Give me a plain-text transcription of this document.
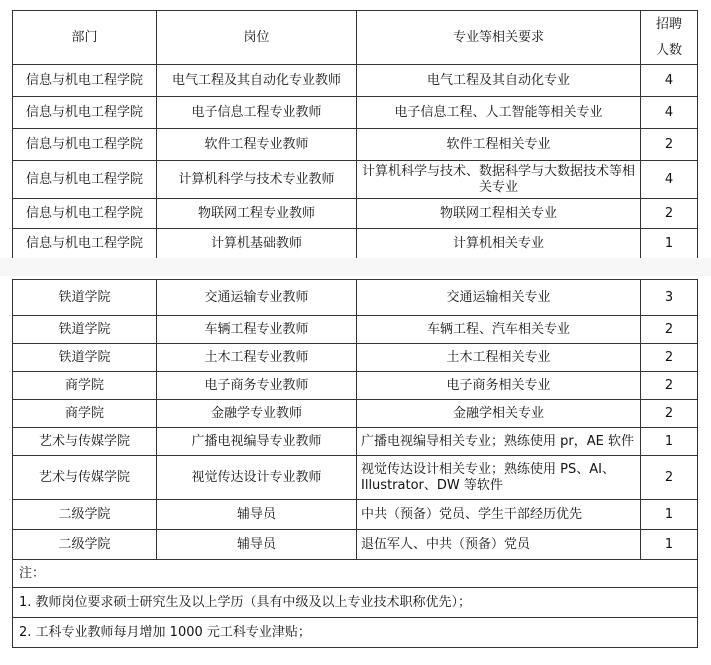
部门	岗位	专业等相关要求	招聘
人数

信息与机电工程学院	电气工程及其自动化专业教师	电气工程及其自动化专业	4
信息与机电工程学院	电子信息工程专业教师	电子信息工程、人工智能等相关专业	4
信息与机电工程学院	软件工程专业教师	软件工程相关专业	2
信息与机电工程学院	计算机科学与技术专业教师	计算机科学与技术、数据科学与大数据技术等相关专业	4
信息与机电工程学院	物联网工程专业教师	物联网工程相关专业	2
信息与机电工程学院	计算机基础教师	计算机相关专业	1
铁道学院	交通运输专业教师	交通运输相关专业	3
铁道学院	车辆工程专业教师	车辆工程、汽车相关专业	2
铁道学院	土木工程专业教师	土木工程相关专业	2
商学院	电子商务专业教师	电子商务相关专业	2
商学院	金融学专业教师	金融学相关专业	2
艺术与传媒学院	广播电视编导专业教师	广播电视编导相关专业；熟练使用 pr，AE 软件	1
艺术与传媒学院	视觉传达设计专业教师	视觉传达设计相关专业；熟练使用 PS、AI、Illustrator、DW 等软件	2
二级学院	辅导员	中共（预备）党员、学生干部经历优先	1
二级学院	辅导员	退伍军人、中共（预备）党员	1
注：			
1. 教师岗位要求硕士研究生及以上学历（具有中级及以上专业技术职称优先）；			
2. 工科专业教师每月增加 1000 元工科专业津贴；			
